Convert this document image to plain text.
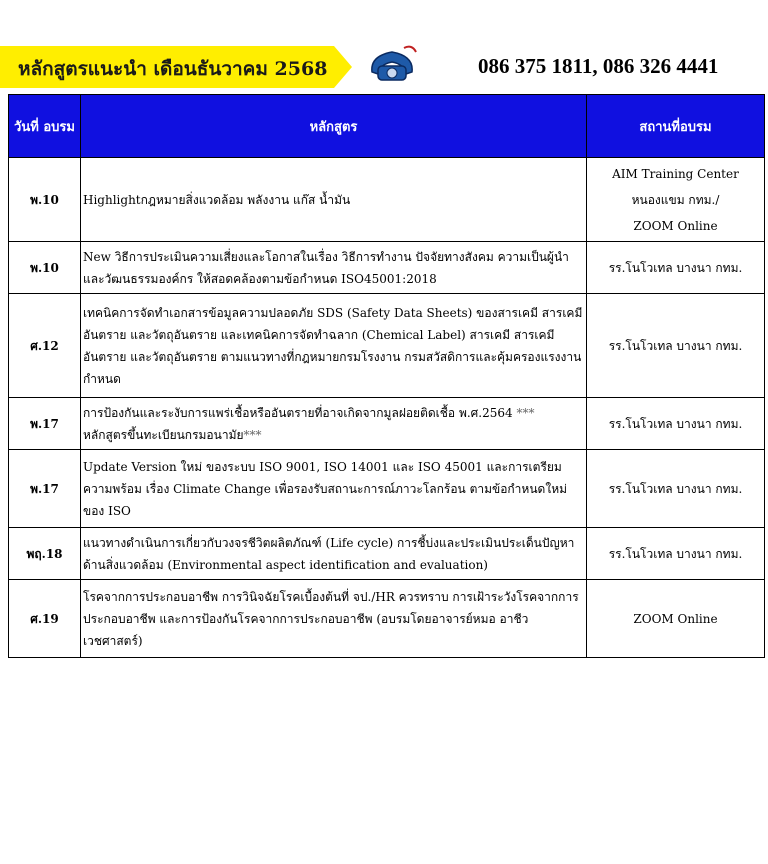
หลักสูตรแนะนำ เดือนธันวาคม 2568	086 375 1811, 086 326 4441
วันที่ อบรม	หลักสูตร	สถานที่อบรม
พ.10	Highlightกฎหมายสิ่งแวดล้อม พลังงาน แก๊ส น้ำมัน	AIM Training Center
หนองแขม กทม./
ZOOM Online

พ.10	New วิธีการประเมินความเสี่ยงและโอกาสในเรื่อง วิธีการทำงาน ปัจจัยทางสังคม ความเป็นผู้นำและวัฒนธรรมองค์กร ให้สอดคล้องตามข้อกำหนด ISO45001:2018	รร.โนโวเทล บางนา กทม.
ศ.12	เทคนิคการจัดทำเอกสารข้อมูลความปลอดภัย SDS (Safety Data Sheets) ของสารเคมี สารเคมีอันตราย และวัตถุอันตราย และเทคนิคการจัดทำฉลาก (Chemical Label) สารเคมี สารเคมีอันตราย และวัตถุอันตราย ตามแนวทางที่กฎหมายกรมโรงงาน กรมสวัสดิการและคุ้มครองแรงงานกำหนด	รร.โนโวเทล บางนา กทม.
พ.17	การป้องกันและระงับการแพร่เชื้อหรืออันตรายที่อาจเกิดจากมูลฝอยติดเชื้อ พ.ศ.2564 ***
หลักสูตรขึ้นทะเบียนกรมอนามัย***	รร.โนโวเทล บางนา กทม.
พ.17	Update Version ใหม่ ของระบบ ISO 9001, ISO 14001 และ ISO 45001 และการเตรียมความพร้อม เรื่อง Climate Change เพื่อรองรับสถานะการณ์ภาวะโลกร้อน ตามข้อกำหนดใหม่ของ ISO	รร.โนโวเทล บางนา กทม.
พฤ.18	แนวทางดำเนินการเกี่ยวกับวงจรชีวิตผลิตภัณฑ์ (Life cycle) การชี้บ่งและประเมินประเด็นปัญหาด้านสิ่งแวดล้อม (Environmental aspect identification and evaluation)	รร.โนโวเทล บางนา กทม.
ศ.19	โรคจากการประกอบอาชีพ การวินิจฉัยโรคเบื้องต้นที่ จป./HR ควรทราบ การเฝ้าระวังโรคจากการประกอบอาชีพ และการป้องกันโรคจากการประกอบอาชีพ (อบรมโดยอาจารย์หมอ อาชีวเวชศาสตร์)	ZOOM Online
